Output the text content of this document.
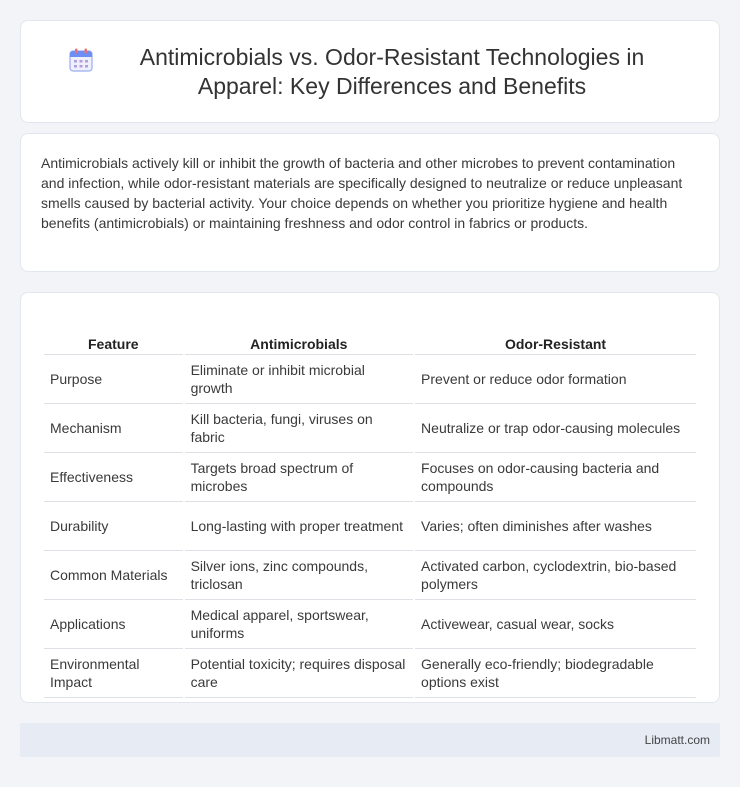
Antimicrobials vs. Odor-Resistant Technologies in Apparel: Key Differences and Benefits

Antimicrobials actively kill or inhibit the growth of bacteria and other microbes to prevent contamination and infection, while odor-resistant materials are specifically designed to neutralize or reduce unpleasant smells caused by bacterial activity. Your choice depends on whether you prioritize hygiene and health benefits (antimicrobials) or maintaining freshness and odor control in fabrics or products.

Feature	Antimicrobials	Odor-Resistant
Purpose	Eliminate or inhibit microbial growth	Prevent or reduce odor formation
Mechanism	Kill bacteria, fungi, viruses on fabric	Neutralize or trap odor-causing molecules
Effectiveness	Targets broad spectrum of microbes	Focuses on odor-causing bacteria and compounds
Durability	Long-lasting with proper treatment	Varies; often diminishes after washes
Common Materials	Silver ions, zinc compounds, triclosan	Activated carbon, cyclodextrin, bio-based polymers
Applications	Medical apparel, sportswear, uniforms	Activewear, casual wear, socks
Environmental Impact	Potential toxicity; requires disposal care	Generally eco-friendly; biodegradable options exist
Libmatt.com
